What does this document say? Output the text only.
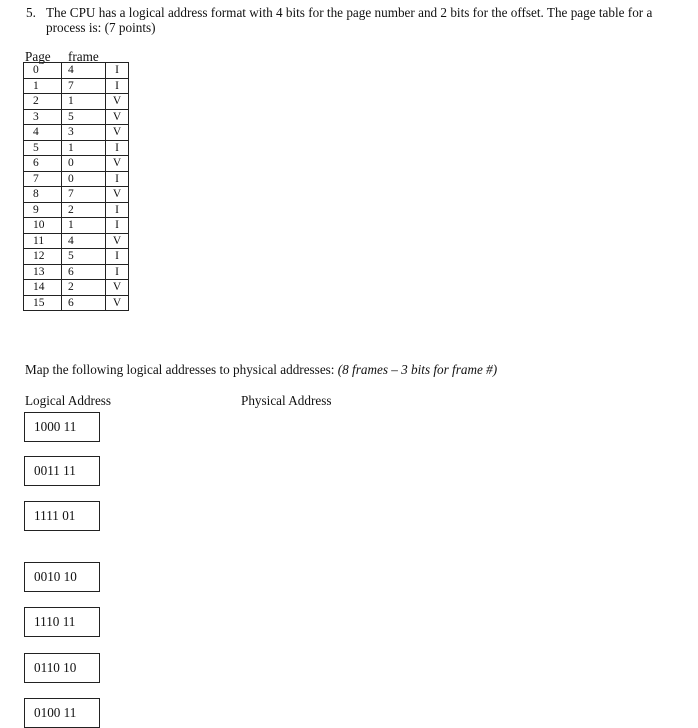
5. The CPU has a logical address format with 4 bits for the page number and 2 bits for the offset. The page table for a process is: (7 points)
Page frame
0	4	I
1	7	I
2	1	V
3	5	V
4	3	V
5	1	I
6	0	V
7	0	I
8	7	V
9	2	I
10	1	I
11	4	V
12	5	I
13	6	I
14	2	V
15	6	V
Map the following logical addresses to physical addresses: (8 frames – 3 bits for frame #)
Logical Address	Physical Address
1000 11
0011 11
1111 01
0010 10
1110 11
0110 10
0100 11
